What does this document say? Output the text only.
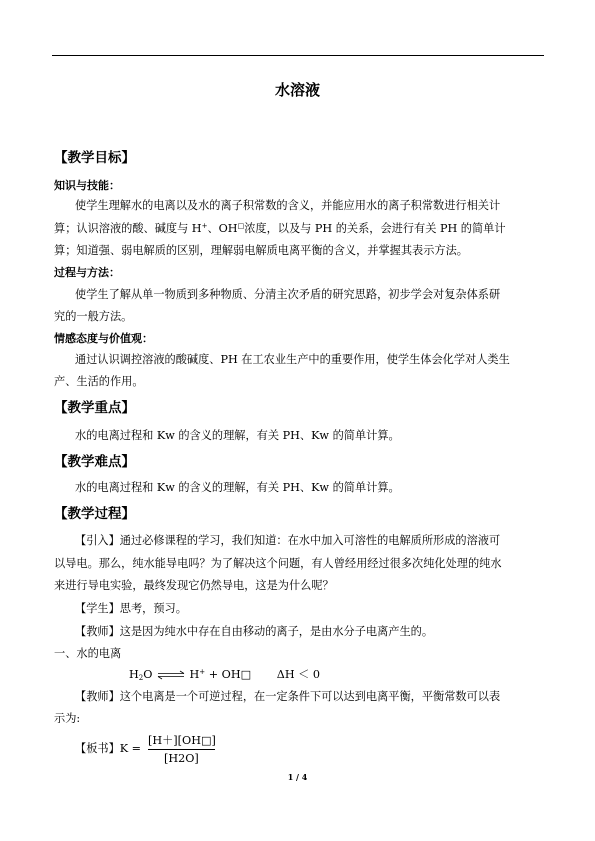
水溶液
【教学目标】
知识与技能：
使学生理解水的电离以及水的离子积常数的含义，并能应用水的离子积常数进行相关计
算；认识溶液的酸、碱度与 H+、OH□浓度，以及与 PH 的关系，会进行有关 PH 的简单计
算；知道强、弱电解质的区别，理解弱电解质电离平衡的含义，并掌握其表示方法。
过程与方法：
使学生了解从单一物质到多种物质、分清主次矛盾的研究思路，初步学会对复杂体系研
究的一般方法。
情感态度与价值观：
通过认识调控溶液的酸碱度、PH 在工农业生产中的重要作用，使学生体会化学对人类生
产、生活的作用。
【教学重点】
水的电离过程和 Kw 的含义的理解，有关 PH、Kw 的简单计算。
【教学难点】
水的电离过程和 Kw 的含义的理解，有关 PH、Kw 的简单计算。
【教学过程】
【引入】通过必修课程的学习，我们知道：在水中加入可溶性的电解质所形成的溶液可
以导电。那么，纯水能导电吗？为了解决这个问题，有人曾经用经过很多次纯化处理的纯水
来进行导电实验，最终发现它仍然导电，这是为什么呢？
【学生】思考，预习。
【教师】这是因为纯水中存在自由移动的离子，是由水分子电离产生的。
一、水的电离
$H_2O$ ⇌ H+ + OH□ ΔH ＜ 0
【教师】这个电离是一个可逆过程，在一定条件下可以达到电离平衡，平衡常数可以表
示为:
【板书】K =
[H＋][OH□]
[H2O]
1 / 4
